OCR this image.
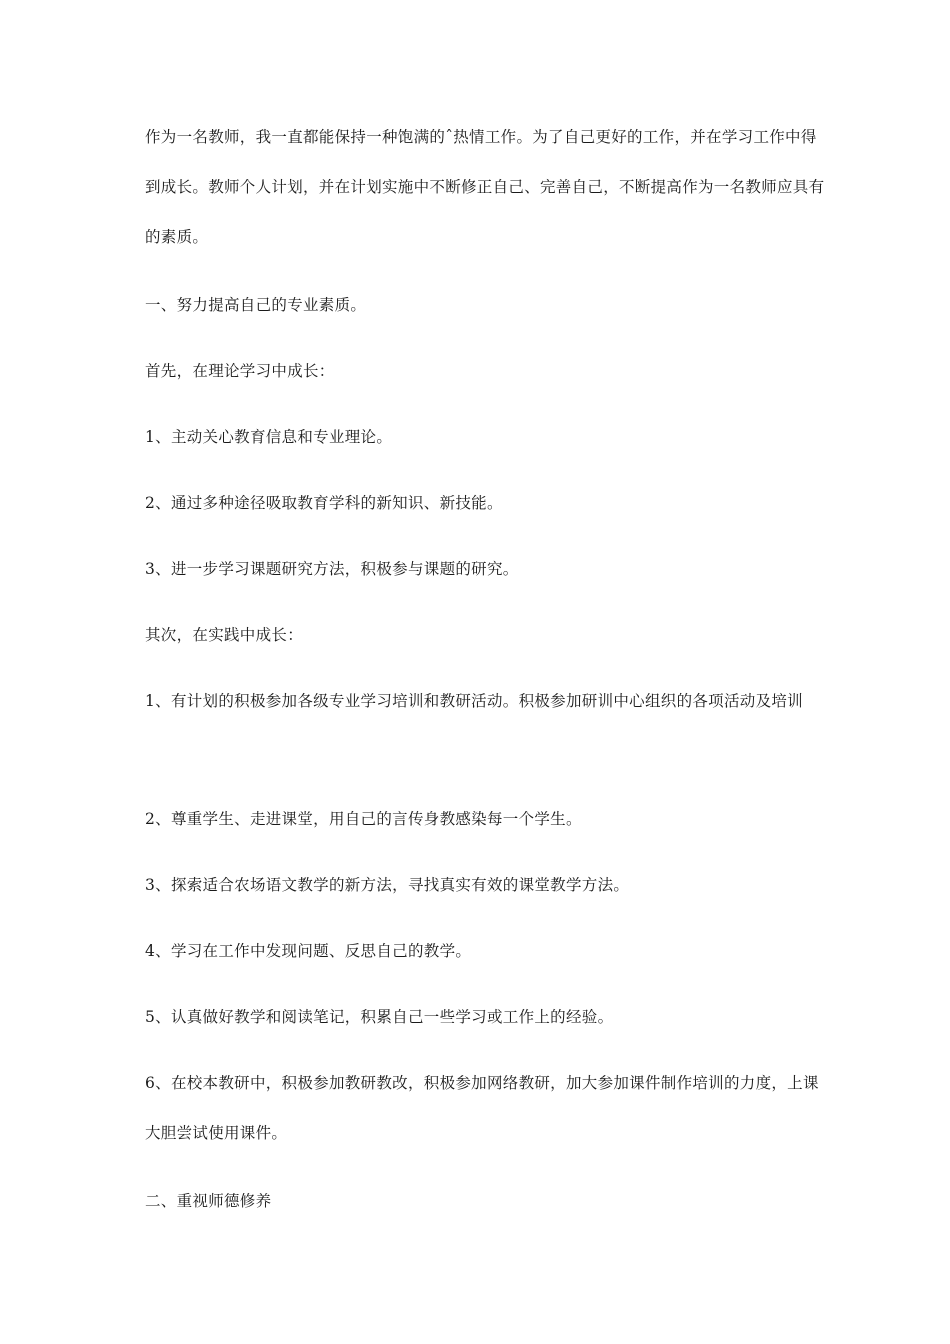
作为一名教师，我一直都能保持一种饱满的ˆ热情工作。为了自己更好的工作，并在学习工作中得到成长。教师个人计划，并在计划实施中不断修正自己、完善自己，不断提高作为一名教师应具有的素质。

一、努力提高自己的专业素质。

首先，在理论学习中成长：

1、主动关心教育信息和专业理论。

2、通过多种途径吸取教育学科的新知识、新技能。

3、进一步学习课题研究方法，积极参与课题的研究。

其次，在实践中成长：

1、有计划的积极参加各级专业学习培训和教研活动。积极参加研训中心组织的各项活动及培训

2、尊重学生、走进课堂，用自己的言传身教感染每一个学生。

3、探索适合农场语文教学的新方法，寻找真实有效的课堂教学方法。

4、学习在工作中发现问题、反思自己的教学。

5、认真做好教学和阅读笔记，积累自己一些学习或工作上的经验。

6、在校本教研中，积极参加教研教改，积极参加网络教研，加大参加课件制作培训的力度，上课大胆尝试使用课件。

二、重视师德修养
